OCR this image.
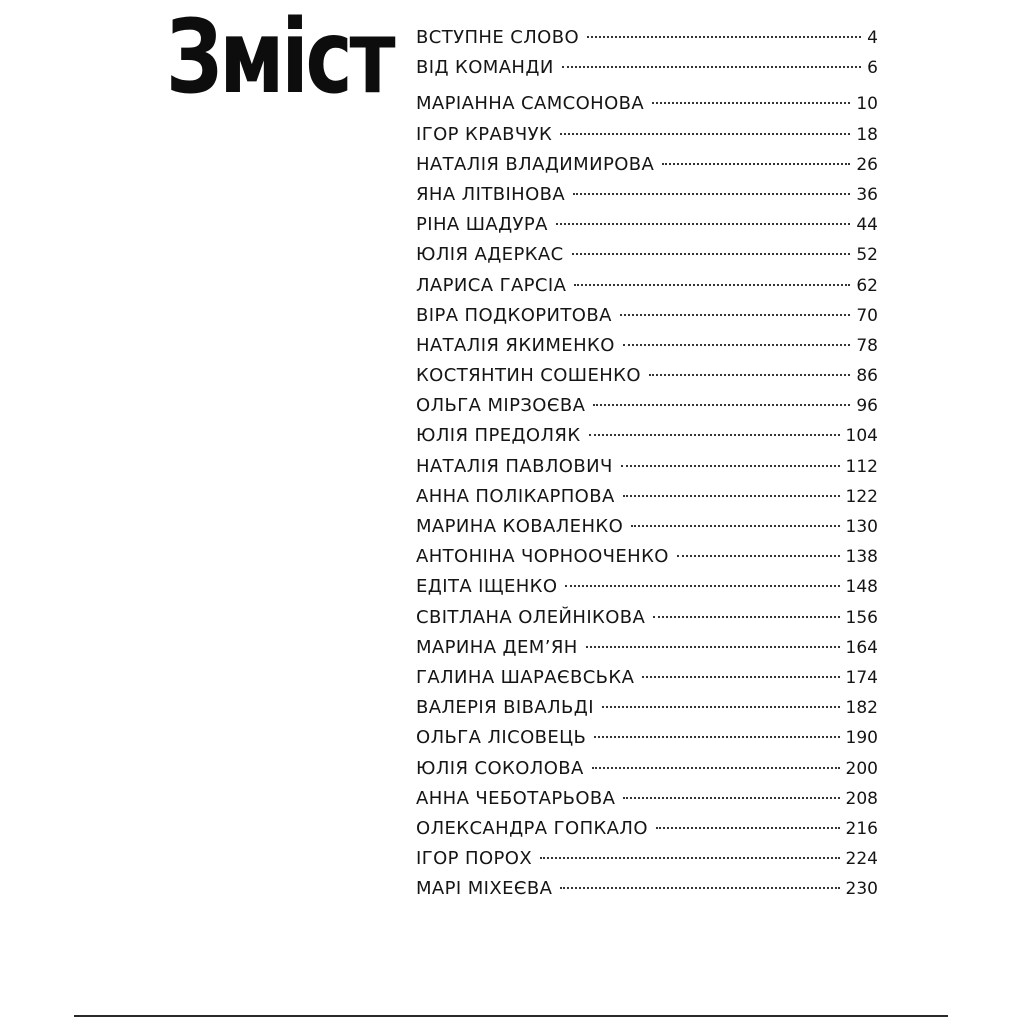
Зміст ВСТУПНЕ СЛОВО	4
ВІД КОМАНДИ	6
МАРІАННА САМСОНОВА	10
ІГОР КРАВЧУК	18
НАТАЛІЯ ВЛАДИМИРОВА	26
ЯНА ЛІТВІНОВА	36
РІНА ШАДУРА	44
ЮЛІЯ АДЕРКАС	52
ЛАРИСА ГАРСІА	62
ВІРА ПОДКОРИТОВА	70
НАТАЛІЯ ЯКИМЕНКО	78
КОСТЯНТИН СОШЕНКО	86
ОЛЬГА МІРЗОЄВА	96
ЮЛІЯ ПРЕДОЛЯК	104
НАТАЛІЯ ПАВЛОВИЧ	112
АННА ПОЛІКАРПОВА	122
МАРИНА КОВАЛЕНКО	130
АНТОНІНА ЧОРНООЧЕНКО	138
ЕДІТА ІЩЕНКО	148
СВІТЛАНА ОЛЕЙНІКОВА	156
МАРИНА ДЕМ’ЯН	164
ГАЛИНА ШАРАЄВСЬКА	174
ВАЛЕРІЯ ВІВАЛЬДІ	182
ОЛЬГА ЛІСОВЕЦЬ	190
ЮЛІЯ СОКОЛОВА	200
АННА ЧЕБОТАРЬОВА	208
ОЛЕКСАНДРА ГОПКАЛО	216
ІГОР ПОРОХ	224
МАРІ МІХЕЄВА	230
